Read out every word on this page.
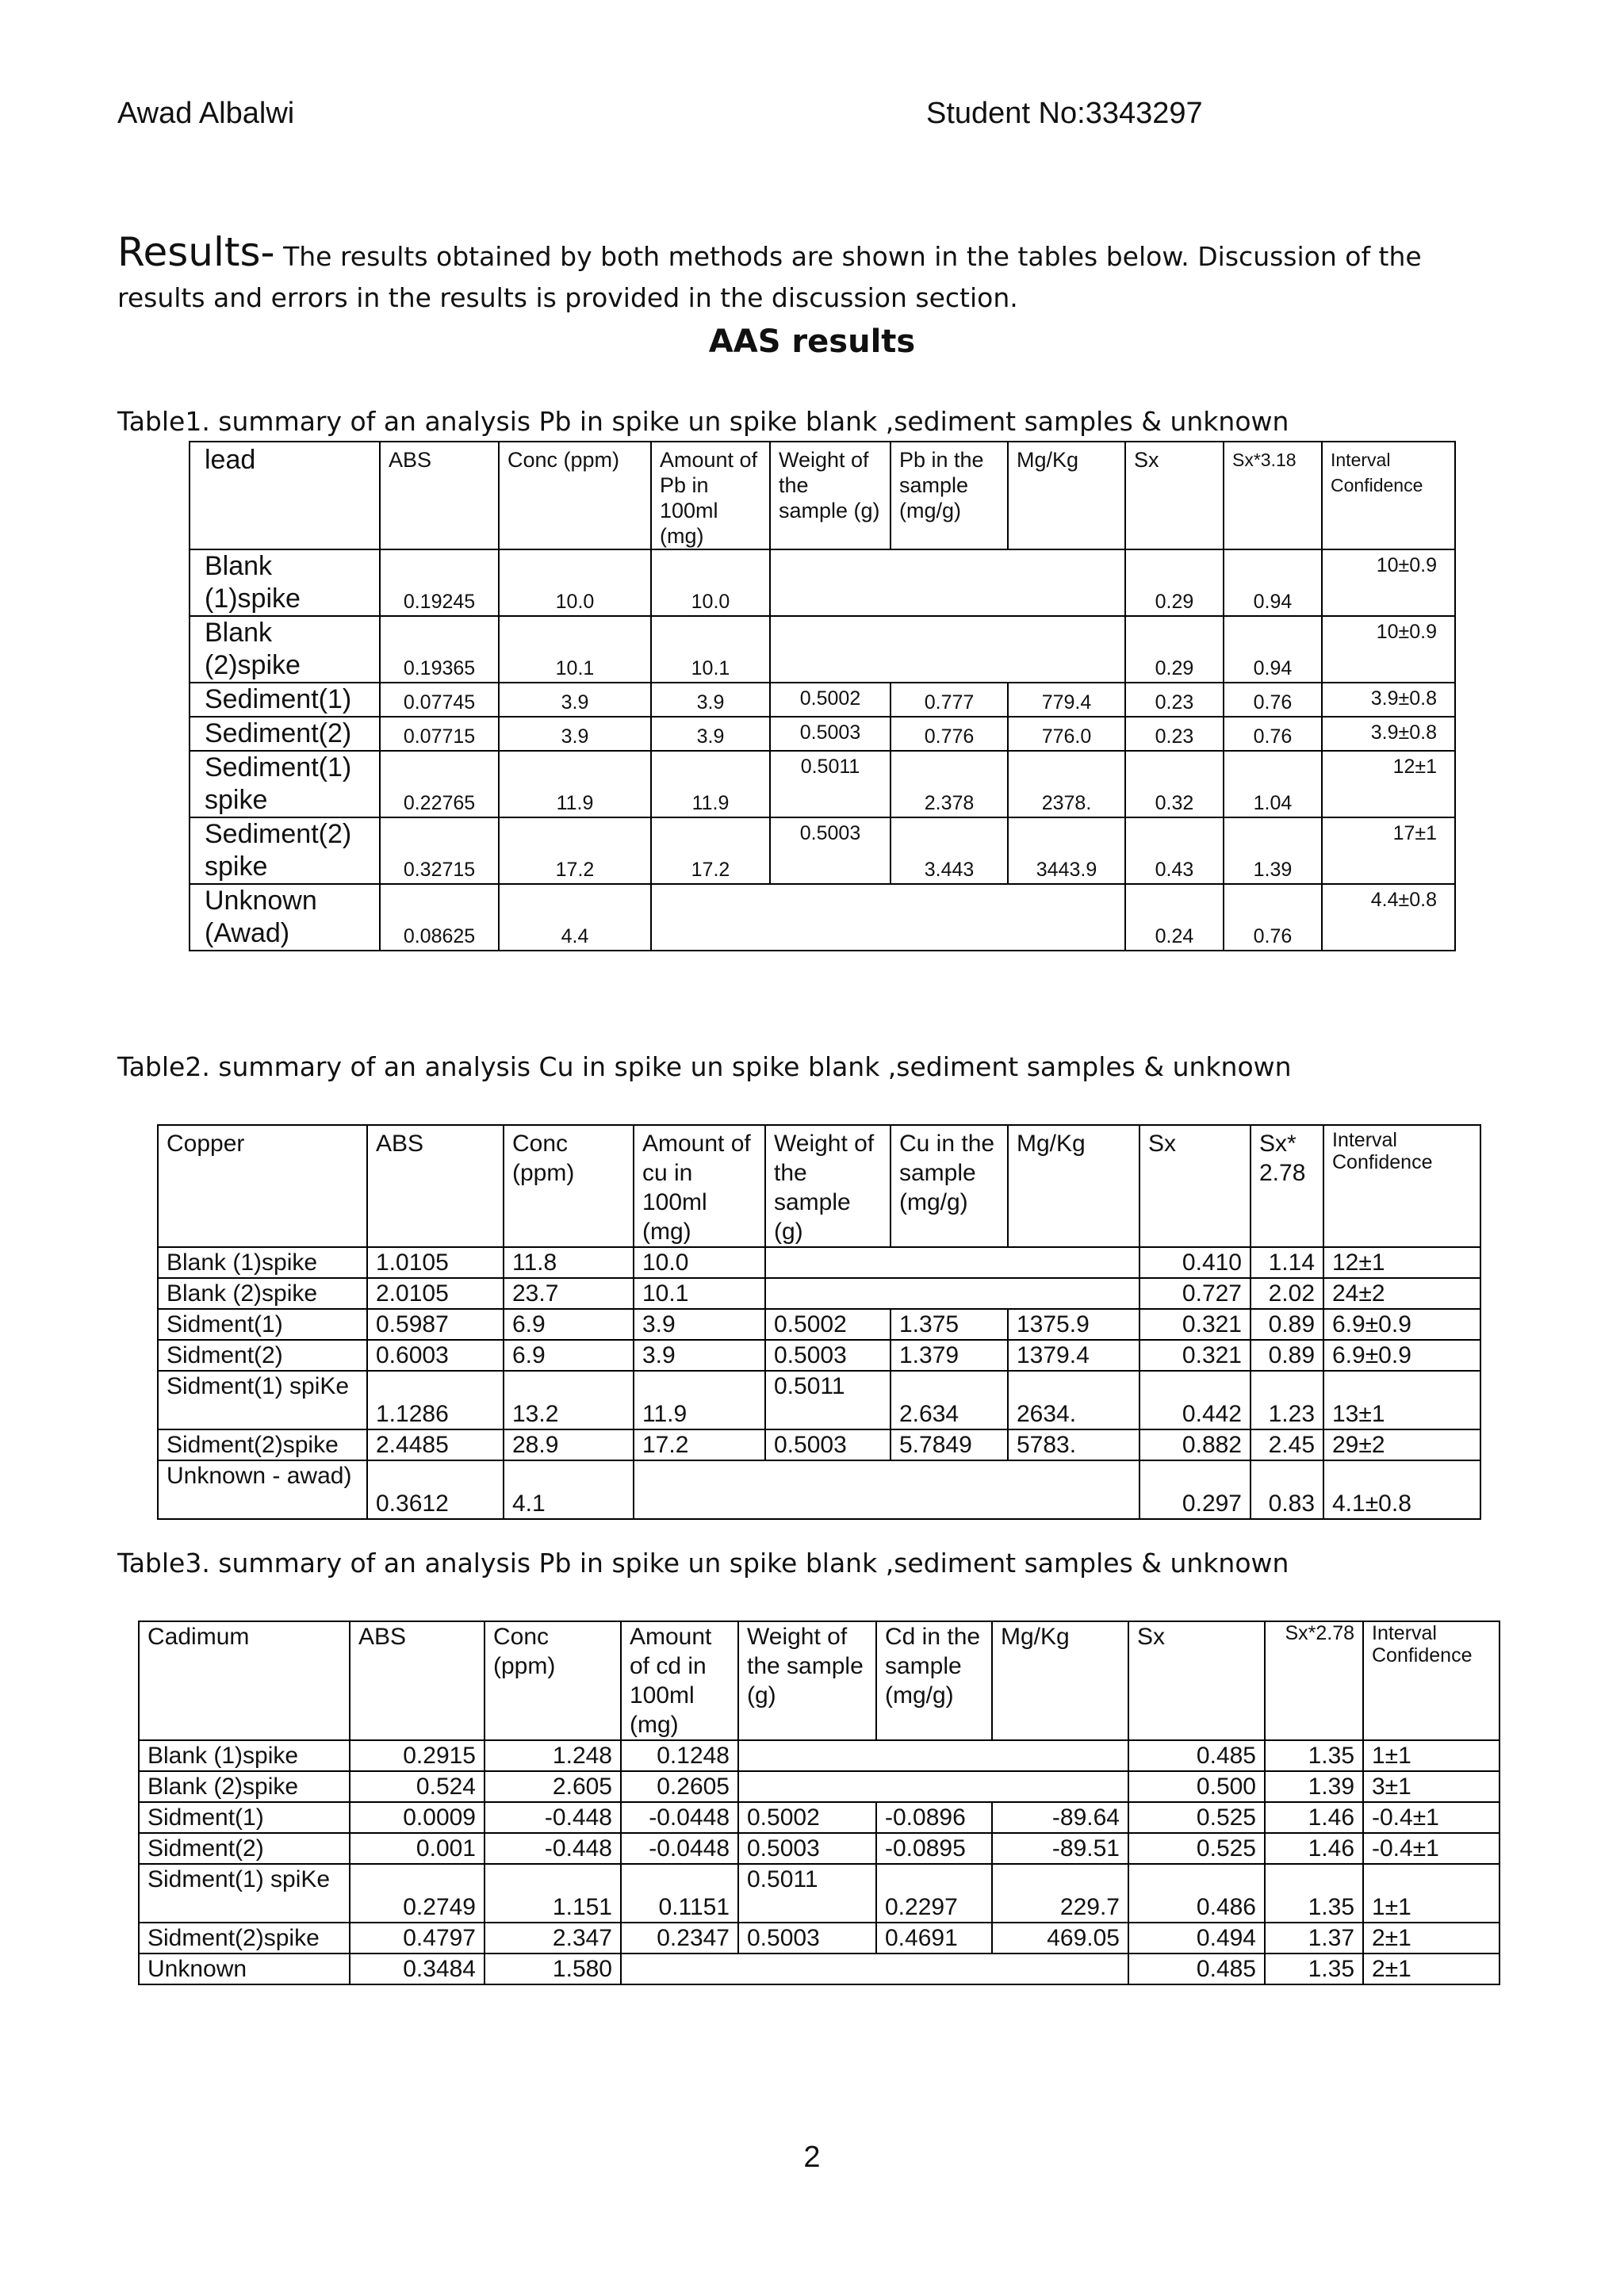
Awad Albalwi	Student No:3343297
Results- The results obtained by both methods are shown in the tables below. Discussion of the results and errors in the results is provided in the discussion section.
AAS results
Table1. summary of an analysis Pb in spike un spike blank ,sediment samples & unknown
lead	ABS	Conc (ppm)	Amount of Pb in 100ml (mg)	Weight of the sample (g)	Pb in the sample (mg/g)	Mg/Kg	Sx	Sx*3.18	Interval Confidence
Blank (1)spike	0.19245	10.0	10.0				0.29	0.94	10±0.9
Blank (2)spike	0.19365	10.1	10.1				0.29	0.94	10±0.9
Sediment(1)	0.07745	3.9	3.9	0.5002	0.777	779.4	0.23	0.76	3.9±0.8
Sediment(2)	0.07715	3.9	3.9	0.5003	0.776	776.0	0.23	0.76	3.9±0.8
Sediment(1) spike	0.22765	11.9	11.9	0.5011	2.378	2378.	0.32	1.04	12±1
Sediment(2) spike	0.32715	17.2	17.2	0.5003	3.443	3443.9	0.43	1.39	17±1
Unknown (Awad)	0.08625	4.4					0.24	0.76	4.4±0.8
Table2. summary of an analysis Cu in spike un spike blank ,sediment samples & unknown
Copper	ABS	Conc (ppm)	Amount of cu in 100ml (mg)	Weight of the sample (g)	Cu in the sample (mg/g)	Mg/Kg	Sx	Sx* 2.78	Interval Confidence
Blank (1)spike	1.0105	11.8	10.0				0.410	1.14	12±1
Blank (2)spike	2.0105	23.7	10.1				0.727	2.02	24±2
Sidment(1)	0.5987	6.9	3.9	0.5002	1.375	1375.9	0.321	0.89	6.9±0.9
Sidment(2)	0.6003	6.9	3.9	0.5003	1.379	1379.4	0.321	0.89	6.9±0.9
Sidment(1) spiKe	1.1286	13.2	11.9	0.5011	2.634	2634.	0.442	1.23	13±1
Sidment(2)spike	2.4485	28.9	17.2	0.5003	5.7849	5783.	0.882	2.45	29±2
Unknown - awad)	0.3612	4.1					0.297	0.83	4.1±0.8
Table3. summary of an analysis Pb in spike un spike blank ,sediment samples & unknown
Cadimum	ABS	Conc (ppm)	Amount of cd in 100ml (mg)	Weight of the sample (g)	Cd in the sample (mg/g)	Mg/Kg	Sx	Sx*2.78	Interval Confidence
Blank (1)spike	0.2915	1.248	0.1248				0.485	1.35	1±1
Blank (2)spike	0.524	2.605	0.2605				0.500	1.39	3±1
Sidment(1)	0.0009	-0.448	-0.0448	0.5002	-0.0896	-89.64	0.525	1.46	-0.4±1
Sidment(2)	0.001	-0.448	-0.0448	0.5003	-0.0895	-89.51	0.525	1.46	-0.4±1
Sidment(1) spiKe	0.2749	1.151	0.1151	0.5011	0.2297	229.7	0.486	1.35	1±1
Sidment(2)spike	0.4797	2.347	0.2347	0.5003	0.4691	469.05	0.494	1.37	2±1
Unknown	0.3484	1.580					0.485	1.35	2±1
2
